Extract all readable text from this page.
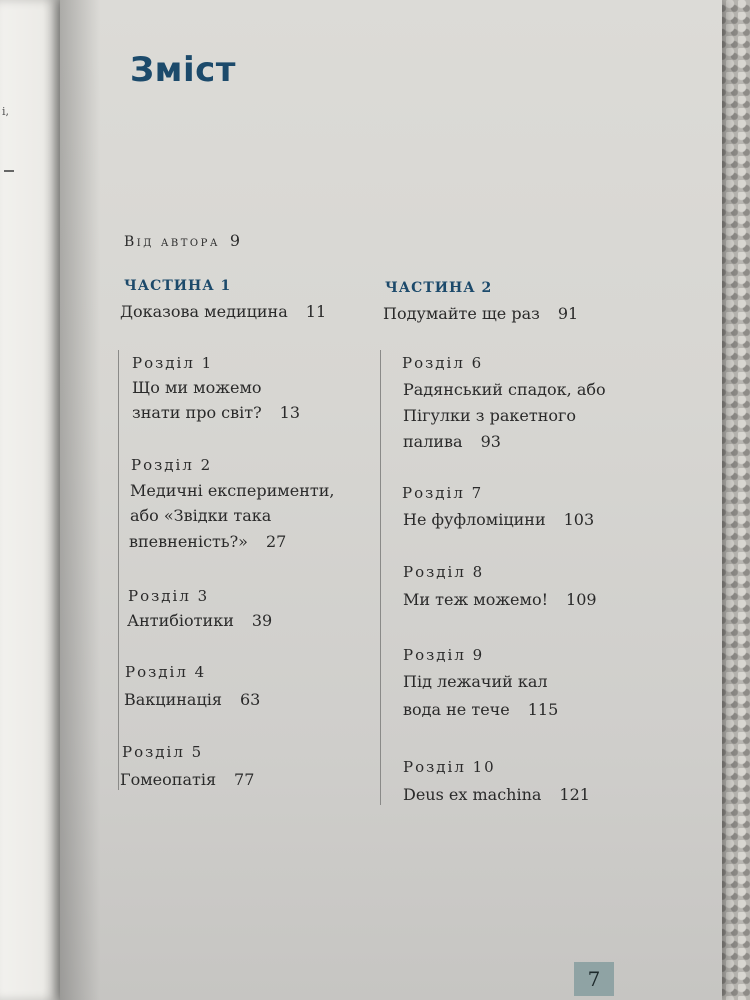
і,
Зміст
Від автора 9
ЧАСТИНА 1
Доказова медицина 11
ЧАСТИНА 2
Подумайте ще раз 91
Розділ 1
Що ми можемо
знати про світ? 13
Розділ 2
Медичні експерименти,
або «Звідки така
впевненість?» 27
Розділ 3
Антибіотики 39
Розділ 4
Вакцинація 63
Розділ 5
Гомеопатія 77
Розділ 6
Радянський спадок, або
Пігулки з ракетного
палива 93
Розділ 7
Не фуфломіцини 103
Розділ 8
Ми теж можемо! 109
Розділ 9
Під лежачий кал
вода не тече 115
Розділ 10
Deus ex machina 121
7
